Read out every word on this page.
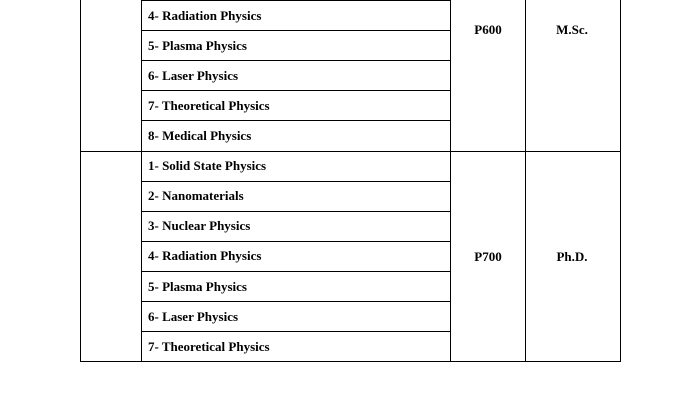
4- Radiation Physics
5- Plasma Physics
6- Laser Physics
7- Theoretical Physics
8- Medical Physics
P600	M.Sc.
1- Solid State Physics
2- Nanomaterials
3- Nuclear Physics
4- Radiation Physics
5- Plasma Physics
6- Laser Physics
7- Theoretical Physics
P700	Ph.D.
